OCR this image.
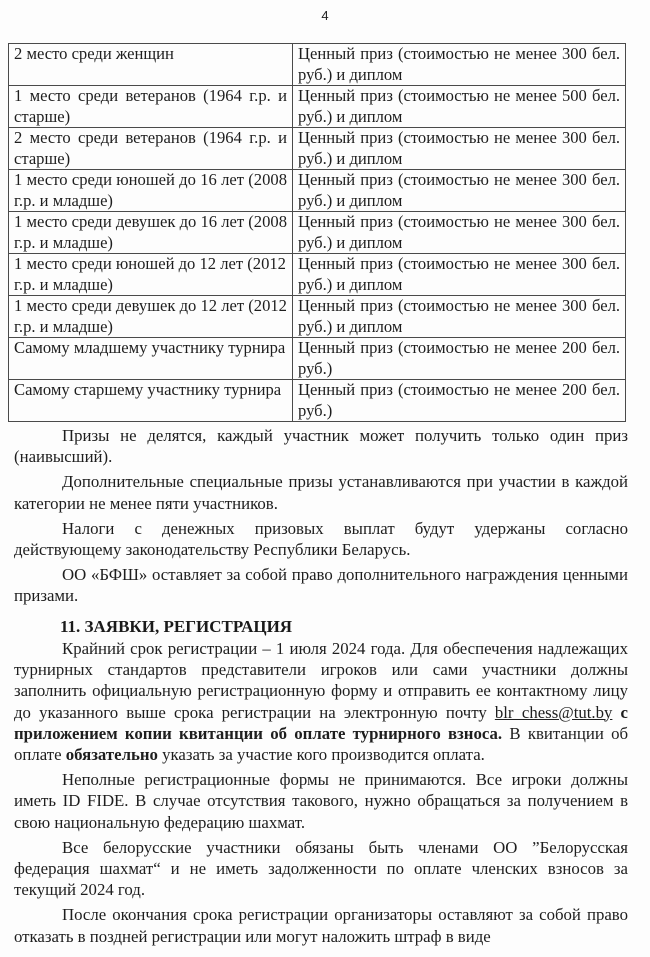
4
2 место среди женщин	Ценный приз (стоимостью не менее 300 бел. руб.) и диплом
1 место среди ветеранов (1964 г.р. и старше)	Ценный приз (стоимостью не менее 500 бел. руб.) и диплом
2 место среди ветеранов (1964 г.р. и старше)	Ценный приз (стоимостью не менее 300 бел. руб.) и диплом
1 место среди юношей до 16 лет (2008 г.р. и младше)	Ценный приз (стоимостью не менее 300 бел. руб.) и диплом
1 место среди девушек до 16 лет (2008 г.р. и младше)	Ценный приз (стоимостью не менее 300 бел. руб.) и диплом
1 место среди юношей до 12 лет (2012 г.р. и младше)	Ценный приз (стоимостью не менее 300 бел. руб.) и диплом
1 место среди девушек до 12 лет (2012 г.р. и младше)	Ценный приз (стоимостью не менее 300 бел. руб.) и диплом
Самому младшему участнику турнира	Ценный приз (стоимостью не менее 200 бел. руб.)
Самому старшему участнику турнира	Ценный приз (стоимостью не менее 200 бел. руб.)

Призы не делятся, каждый участник может получить только один приз (наивысший).

Дополнительные специальные призы устанавливаются при участии в каждой категории не менее пяти участников.

Налоги с денежных призовых выплат будут удержаны согласно действующему законодательству Республики Беларусь.

ОО «БФШ» оставляет за собой право дополнительного награждения ценными призами.

11. ЗАЯВКИ, РЕГИСТРАЦИЯ

Крайний срок регистрации – 1 июля 2024 года. Для обеспечения надлежащих турнирных стандартов представители игроков или сами участники должны заполнить официальную регистрационную форму и отправить ее контактному лицу до указанного выше срока регистрации на электронную почту blr_chess@tut.by с приложением копии квитанции об оплате турнирного взноса. В квитанции об оплате обязательно указать за участие кого производится оплата.

Неполные регистрационные формы не принимаются. Все игроки должны иметь ID FIDE. В случае отсутствия такового, нужно обращаться за получением в свою национальную федерацию шахмат.

Все белорусские участники обязаны быть членами ОО ”Белорусская федерация шахмат“ и не иметь задолженности по оплате членских взносов за текущий 2024 год.

После окончания срока регистрации организаторы оставляют за собой право отказать в поздней регистрации или могут наложить штраф в виде
